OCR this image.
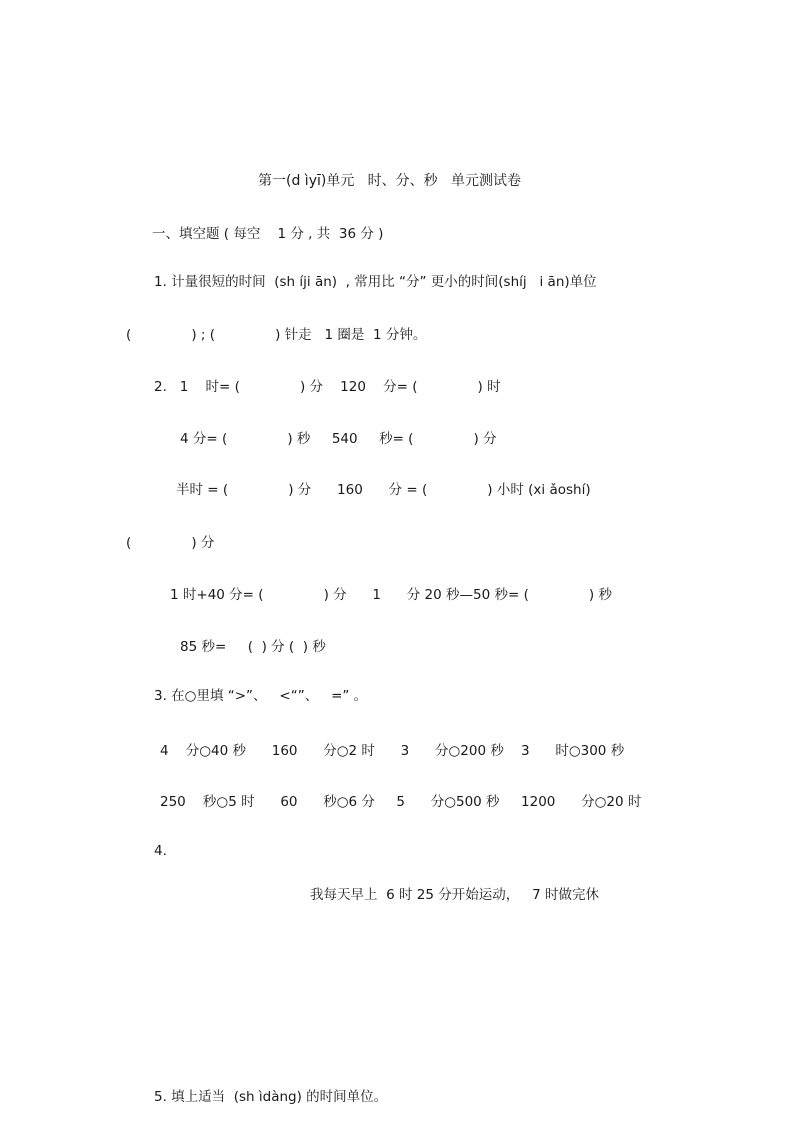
第一(d ìyī)单元   时、分、秒   单元测试卷
一、填空题 ( 每空    1 分 , 共  36 分 )
1. 计量很短的时间  (sh íji ān)  , 常用比 “分” 更小的时间(shíj   i ān)单位
(              ) ; (              ) 针走   1 圈是  1 分钟。
2.   1    时= (              ) 分    120    分= (              ) 时
4 分= (              ) 秒     540     秒= (              ) 分
半时 = (              ) 分      160      分 = (              ) 小时 (xi ǎoshí)
(              ) 分
1 时+40 分= (              ) 分      1      分 20 秒—50 秒= (              ) 秒
85 秒=     (  ) 分 (  ) 秒
3. 在○里填 “>”、   <“”、   =” 。
4    分○40 秒      160      分○2 时      3      分○200 秒    3      时○300 秒
250    秒○5 时      60      秒○6 分     5      分○500 秒     1200      分○20 时
4.
我每天早上  6 时 25 分开始运动，   7 时做完休
5. 填上适当  (sh ìdàng) 的时间单位。
